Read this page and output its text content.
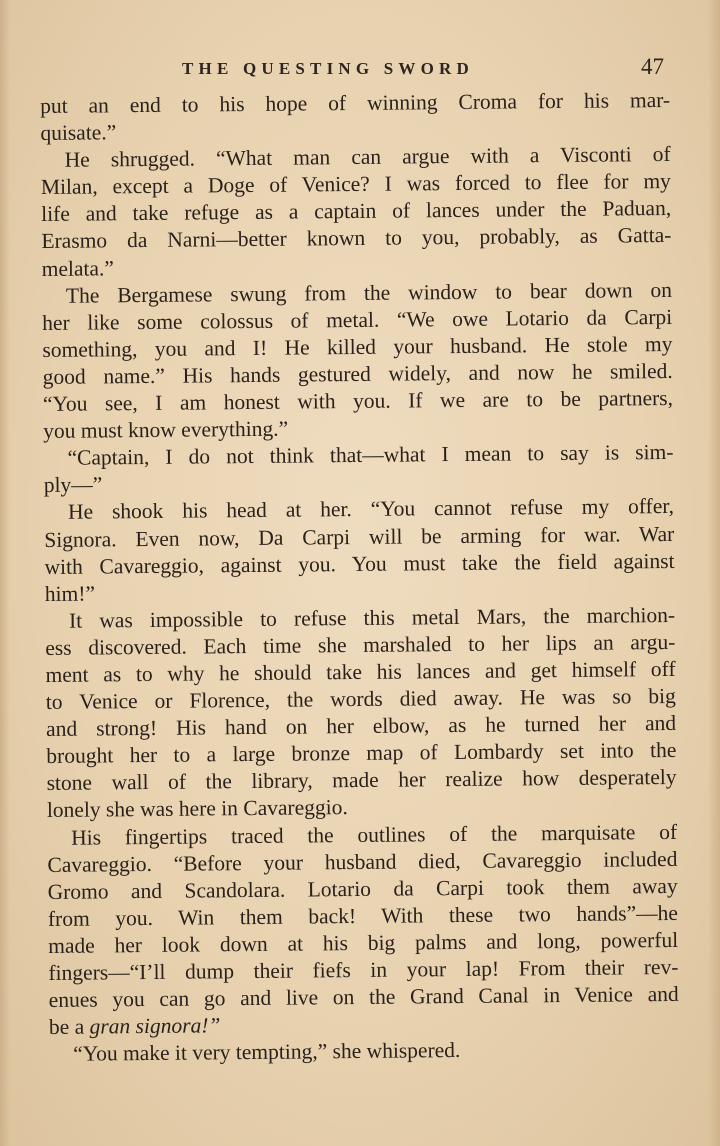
THE QUESTING SWORD	47
put an end to his hope of winning Croma for his mar-
quisate.”
He shrugged. “What man can argue with a Visconti of
Milan, except a Doge of Venice? I was forced to flee for my
life and take refuge as a captain of lances under the Paduan,
Erasmo da Narni—better known to you, probably, as Gatta-
melata.”
The Bergamese swung from the window to bear down on
her like some colossus of metal. “We owe Lotario da Carpi
something, you and I! He killed your husband. He stole my
good name.” His hands gestured widely, and now he smiled.
“You see, I am honest with you. If we are to be partners,
you must know everything.”
“Captain, I do not think that—what I mean to say is sim-
ply—”
He shook his head at her. “You cannot refuse my offer,
Signora. Even now, Da Carpi will be arming for war. War
with Cavareggio, against you. You must take the field against
him!”
It was impossible to refuse this metal Mars, the marchion-
ess discovered. Each time she marshaled to her lips an argu-
ment as to why he should take his lances and get himself off
to Venice or Florence, the words died away. He was so big
and strong! His hand on her elbow, as he turned her and
brought her to a large bronze map of Lombardy set into the
stone wall of the library, made her realize how desperately
lonely she was here in Cavareggio.
His fingertips traced the outlines of the marquisate of
Cavareggio. “Before your husband died, Cavareggio included
Gromo and Scandolara. Lotario da Carpi took them away
from you. Win them back! With these two hands”—he
made her look down at his big palms and long, powerful
fingers—“I’ll dump their fiefs in your lap! From their rev-
enues you can go and live on the Grand Canal in Venice and
be a gran signora!”
“You make it very tempting,” she whispered.
